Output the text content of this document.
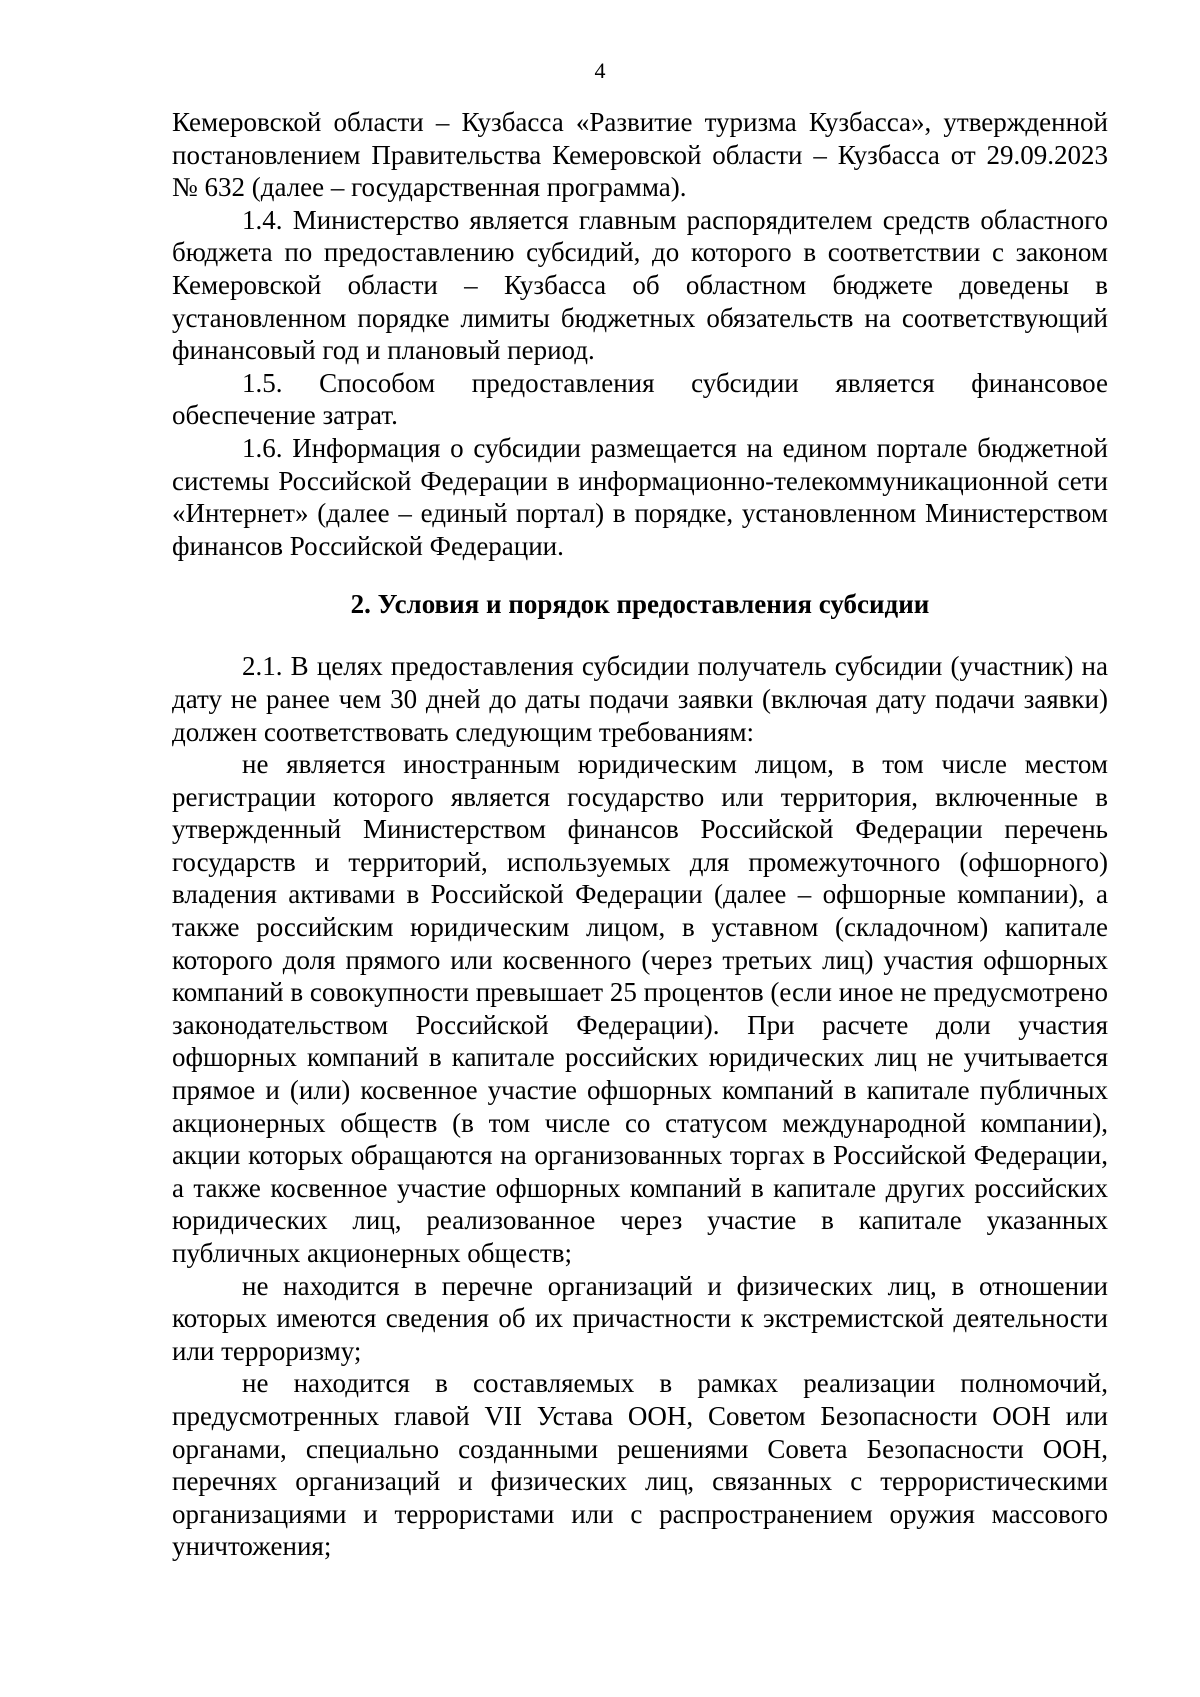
4

Кемеровской области – Кузбасса «Развитие туризма Кузбасса», утвержденной постановлением Правительства Кемеровской области – Кузбасса от 29.09.2023 № 632 (далее – государственная программа).

1.4. Министерство является главным распорядителем средств областного бюджета по предоставлению субсидий, до которого в соответствии с законом Кемеровской области – Кузбасса об областном бюджете доведены в установленном порядке лимиты бюджетных обязательств на соответствующий финансовый год и плановый период.

1.5. Способом предоставления субсидии является финансовое обеспечение затрат.

1.6. Информация о субсидии размещается на едином портале бюджетной системы Российской Федерации в информационно-телекоммуникационной сети «Интернет» (далее – единый портал) в порядке, установленном Министерством финансов Российской Федерации.

2. Условия и порядок предоставления субсидии

2.1. В целях предоставления субсидии получатель субсидии (участник) на дату не ранее чем 30 дней до даты подачи заявки (включая дату подачи заявки) должен соответствовать следующим требованиям:

не является иностранным юридическим лицом, в том числе местом регистрации которого является государство или территория, включенные в утвержденный Министерством финансов Российской Федерации перечень государств и территорий, используемых для промежуточного (офшорного) владения активами в Российской Федерации (далее – офшорные компании), а также российским юридическим лицом, в уставном (складочном) капитале которого доля прямого или косвенного (через третьих лиц) участия офшорных компаний в совокупности превышает 25 процентов (если иное не предусмотрено законодательством Российской Федерации). При расчете доли участия офшорных компаний в капитале российских юридических лиц не учитывается прямое и (или) косвенное участие офшорных компаний в капитале публичных акционерных обществ (в том числе со статусом международной компании), акции которых обращаются на организованных торгах в Российской Федерации, а также косвенное участие офшорных компаний в капитале других российских юридических лиц, реализованное через участие в капитале указанных публичных акционерных обществ;

не находится в перечне организаций и физических лиц, в отношении которых имеются сведения об их причастности к экстремистской деятельности или терроризму;

не находится в составляемых в рамках реализации полномочий, предусмотренных главой VII Устава ООН, Советом Безопасности ООН или органами, специально созданными решениями Совета Безопасности ООН, перечнях организаций и физических лиц, связанных с террористическими организациями и террористами или с распространением оружия массового уничтожения;
